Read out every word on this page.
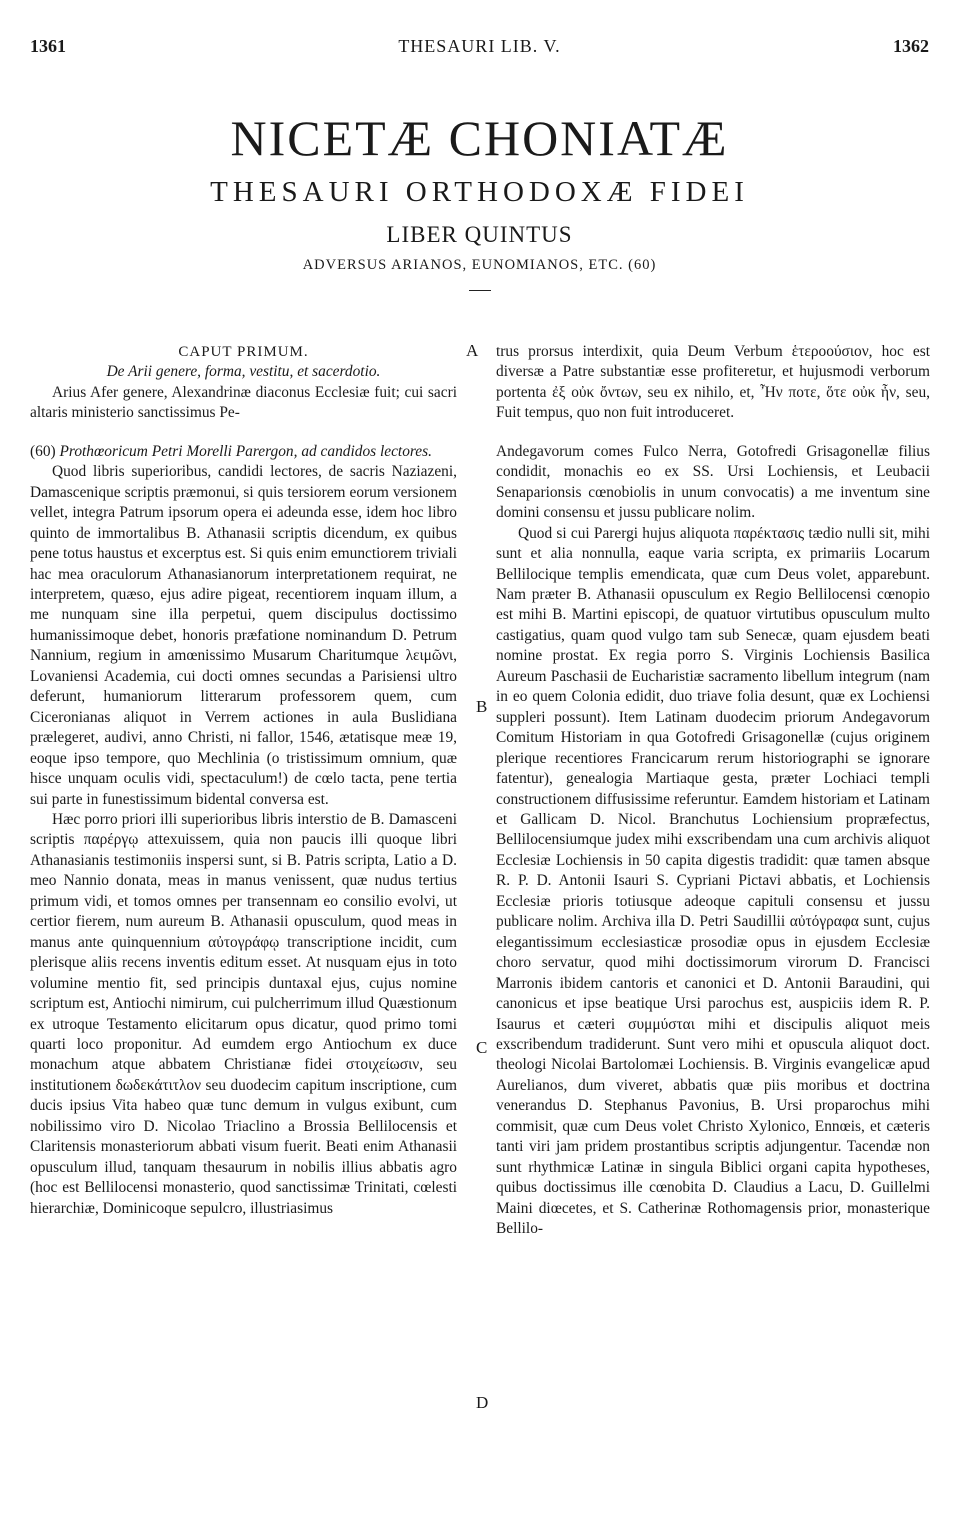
1361	THESAURI LIB. V.	1362
NICETÆ CHONIATÆ
THESAURI ORTHODOXÆ FIDEI
LIBER QUINTUS
ADVERSUS ARIANOS, EUNOMIANOS, ETC. (60)

CAPUT PRIMUM.

De Arii genere, forma, vestitu, et sacerdotio.

Arius Afer genere, Alexandrinæ diaconus Ecclesiæ fuit; cui sacri altaris ministerio sanctissimus Pe-

(60) Prothœoricum Petri Morelli Parergon, ad candidos lectores.

Quod libris superioribus, candidi lectores, de sacris Naziazeni, Damascenique scriptis præmonui, si quis tersiorem eorum versionem vellet, integra Patrum ipsorum opera ei adeunda esse, idem hoc libro quinto de immortalibus B. Athanasii scriptis dicendum, ex quibus pene totus haustus et excerptus est. Si quis enim emunctiorem triviali hac mea oraculorum Athanasianorum interpretationem requirat, ne interpretem, quæso, ejus adire pigeat, recentiorem inquam illum, a me nunquam sine illa perpetui, quem discipulus doctissimo humanissimoque debet, honoris præfatione nominandum D. Petrum Nannium, regium in amœnissimo Musarum Charitumque λειμῶνι, Lovaniensi Academia, cui docti omnes secundas a Parisiensi ultro deferunt, humaniorum litterarum professorem quem, cum Ciceronianas aliquot in Verrem actiones in aula Buslidiana prælegeret, audivi, anno Christi, ni fallor, 1546, ætatisque meæ 19, eoque ipso tempore, quo Mechlinia (o tristissimum omnium, quæ hisce unquam oculis vidi, spectaculum!) de cœlo tacta, pene tertia sui parte in funestissimum bidental conversa est.

Hæc porro priori illi superioribus libris interstio de B. Damasceni scriptis παρέργῳ attexuissem, quia non paucis illi quoque libri Athanasianis testimoniis inspersi sunt, si B. Patris scripta, Latio a D. meo Nannio donata, meas in manus venissent, quæ nudus tertius primum vidi, et tomos omnes per transennam eo consilio evolvi, ut certior fierem, num aureum B. Athanasii opusculum, quod meas in manus ante quinquennium αὐτογράφῳ transcriptione incidit, cum plerisque aliis recens inventis editum esset. At nusquam ejus in toto volumine mentio fit, sed principis duntaxal ejus, cujus nomine scriptum est, Antiochi nimirum, cui pulcherrimum illud Quæstionum ex utroque Testamento elicitarum opus dicatur, quod primo tomi quarti loco proponitur. Ad eumdem ergo Antiochum ex duce monachum atque abbatem Christianæ fidei στοιχείωσιν, seu institutionem δωδεκάτιτλον seu duodecim capitum inscriptione, cum ducis ipsius Vita habeo quæ tunc demum in vulgus exibunt, cum nobilissimo viro D. Nicolao Triaclino a Brossia Bellilocensis et Claritensis monasteriorum abbati visum fuerit. Beati enim Athanasii opusculum illud, tanquam thesaurum in nobilis illius abbatis agro (hoc est Bellilocensi monasterio, quod sanctissimæ Trinitati, cœlesti hierarchiæ, Dominicoque sepulcro, illustriasimus

trus prorsus interdixit, quia Deum Verbum ἑτεροούσιον, hoc est diversæ a Patre substantiæ esse profiteretur, et hujusmodi verborum portenta ἐξ οὐκ ὄντων, seu ex nihilo, et, Ἦν ποτε, ὅτε οὐκ ἦν, seu, Fuit tempus, quo non fuit introduceret.

Andegavorum comes Fulco Nerra, Gotofredi Grisagonellæ filius condidit, monachis eo ex SS. Ursi Lochiensis, et Leubacii Senaparionsis cœnobiolis in unum convocatis) a me inventum sine domini consensu et jussu publicare nolim.

Quod si cui Parergi hujus aliquota παρέκτασις tædio nulli sit, mihi sunt et alia nonnulla, eaque varia scripta, ex primariis Locarum Bellilocique templis emendicata, quæ cum Deus volet, apparebunt. Nam præter B. Athanasii opusculum ex Regio Bellilocensi cœnopio est mihi B. Martini episcopi, de quatuor virtutibus opusculum multo castigatius, quam quod vulgo tam sub Senecæ, quam ejusdem beati nomine prostat. Ex regia porro S. Virginis Lochiensis Basilica Aureum Paschasii de Eucharistiæ sacramento libellum integrum (nam in eo quem Colonia edidit, duo triave folia desunt, quæ ex Lochiensi suppleri possunt). Item Latinam duodecim priorum Andegavorum Comitum Historiam in qua Gotofredi Grisagonellæ (cujus originem plerique recentiores Francicarum rerum historiographi se ignorare fatentur), genealogia Martiaque gesta, præter Lochiaci templi constructionem diffusissime referuntur. Eamdem historiam et Latinam et Gallicam D. Nicol. Branchutus Lochiensium propræfectus, Bellilocensiumque judex mihi exscribendam una cum archivis aliquot Ecclesiæ Lochiensis in 50 capita digestis tradidit: quæ tamen absque R. P. D. Antonii Isauri S. Cypriani Pictavi abbatis, et Lochiensis Ecclesiæ prioris totiusque adeoque capituli consensu et jussu publicare nolim. Archiva illa D. Petri Saudillii αὐτόγραφα sunt, cujus elegantissimum ecclesiasticæ prosodiæ opus in ejusdem Ecclesiæ choro servatur, quod mihi doctissimorum virorum D. Francisci Marronis ibidem cantoris et canonici et D. Antonii Baraudini, qui canonicus et ipse beatique Ursi parochus est, auspiciis idem R. P. Isaurus et cæteri συμμύσται mihi et discipulis aliquot meis exscribendum tradiderunt. Sunt vero mihi et opuscula aliquot doct. theologi Nicolai Bartolomæi Lochiensis. B. Virginis evangelicæ apud Aurelianos, dum viveret, abbatis quæ piis moribus et doctrina venerandus D. Stephanus Pavonius, B. Ursi proparochus mihi commisit, quæ cum Deus volet Christo Xylonico, Ennœis, et cæteris tanti viri jam pridem prostantibus scriptis adjungentur. Tacendæ non sunt rhythmicæ Latinæ in singula Biblici organi capita hypotheses, quibus doctissimus ille cœnobita D. Claudius a Lacu, D. Guillelmi Maini diœcetes, et S. Catherinæ Rothomagensis prior, monasterique Bellilo-

A
B
C
D
